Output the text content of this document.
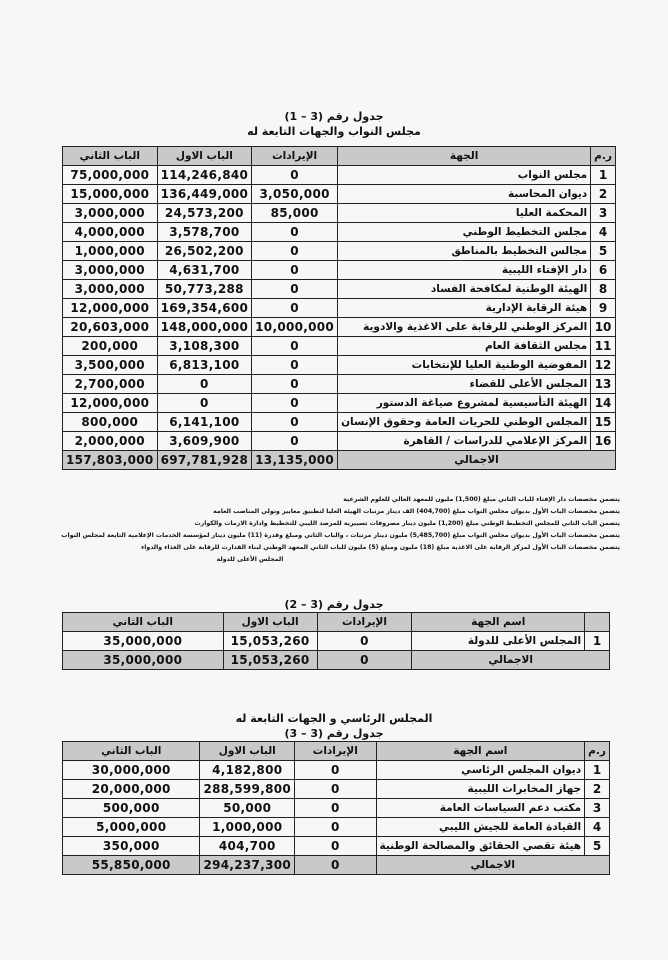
جدول رقم (3 – 1)
مجلس النواب والجهات التابعة له
ر.م	الجهة	الإيرادات	الباب الاول	الباب الثاني
1	مجلس النواب	0	114,246,840	75,000,000
2	ديوان المحاسبة	3,050,000	136,449,000	15,000,000
3	المحكمة العليا	85,000	24,573,200	3,000,000
4	مجلس التخطيط الوطني	0	3,578,700	4,000,000
5	مجالس التخطيط بالمناطق	0	26,502,200	1,000,000
6	دار الإفتاء الليبية	0	4,631,700	3,000,000
8	الهيئة الوطنية لمكافحة الفساد	0	50,773,288	3,000,000
9	هيئة الرقابة الإدارية	0	169,354,600	12,000,000
10	المركز الوطني للرقابة على الاغذية والادوية	10,000,000	148,000,000	20,603,000
11	مجلس الثقافة العام	0	3,108,300	200,000
12	المفوضية الوطنية العليا للإنتخابات	0	6,813,100	3,500,000
13	المجلس الأعلى للقضاء	0	0	2,700,000
14	الهيئة التأسيسية لمشروع صياغة الدستور	0	0	12,000,000
15	المجلس الوطني للحريات العامة وحقوق الإنسان	0	6,141,100	800,000
16	المركز الإعلامي للدراسات / القاهرة	0	3,609,900	2,000,000
الاجمالي		13,135,000	697,781,928	157,803,000
يتضمن مخصصات دار الإفتاء للباب الثاني مبلغ (1,500) مليون للمعهد العالي للعلوم الشرعية
يتضمن مخصصات الباب الأول بديوان مجلس النواب مبلغ (404,700) الف دينار مرتبات الهيئة العليا لتطبيق معايير وتولي المناصب العامة
يتضمن الباب الثاني للمجلس التخطيط الوطني مبلغ (1,200) مليون دينار مصروفات تسييرية للمرصد الليبي للتخطيط وادارة الازمات والكوارث
يتضمن مخصصات الباب الأول بديوان مجلس النواب مبلغ (5,485,700) مليون دينار مرتبات ، والباب الثاني ومبلغ وقدرة (11) مليون دينار لمؤسسة الخدمات الإعلامية التابعة لمجلس النواب
يتضمن مخصصات الباب الأول لمركز الرقابة على الاغذية مبلغ (18) مليون ومبلغ (5) مليون للباب الثاني المعهد الوطني لبناء القدارت للرقابة على الغذاء والدواء
المجلس الأعلى للدولة
جدول رقم (3 – 2)
	اسم الجهة	الإيرادات	الباب الاول	الباب الثاني
1	المجلس الأعلى للدولة	0	15,053,260	35,000,000
الاجمالي		0	15,053,260	35,000,000
المجلس الرئاسي و الجهات التابعة له
جدول رقم (3 – 3)
ر.م	اسم الجهة	الإيرادات	الباب الاول	الباب الثاني
1	ديوان المجلس الرئاسي	0	4,182,800	30,000,000
2	جهاز المخابرات الليبية	0	288,599,800	20,000,000
3	مكتب دعم السياسات العامة	0	50,000	500,000
4	القيادة العامة للجيش الليبي	0	1,000,000	5,000,000
5	هيئة تقصي الحقائق والمصالحة الوطنية	0	404,700	350,000
الاجمالي		0	294,237,300	55,850,000
